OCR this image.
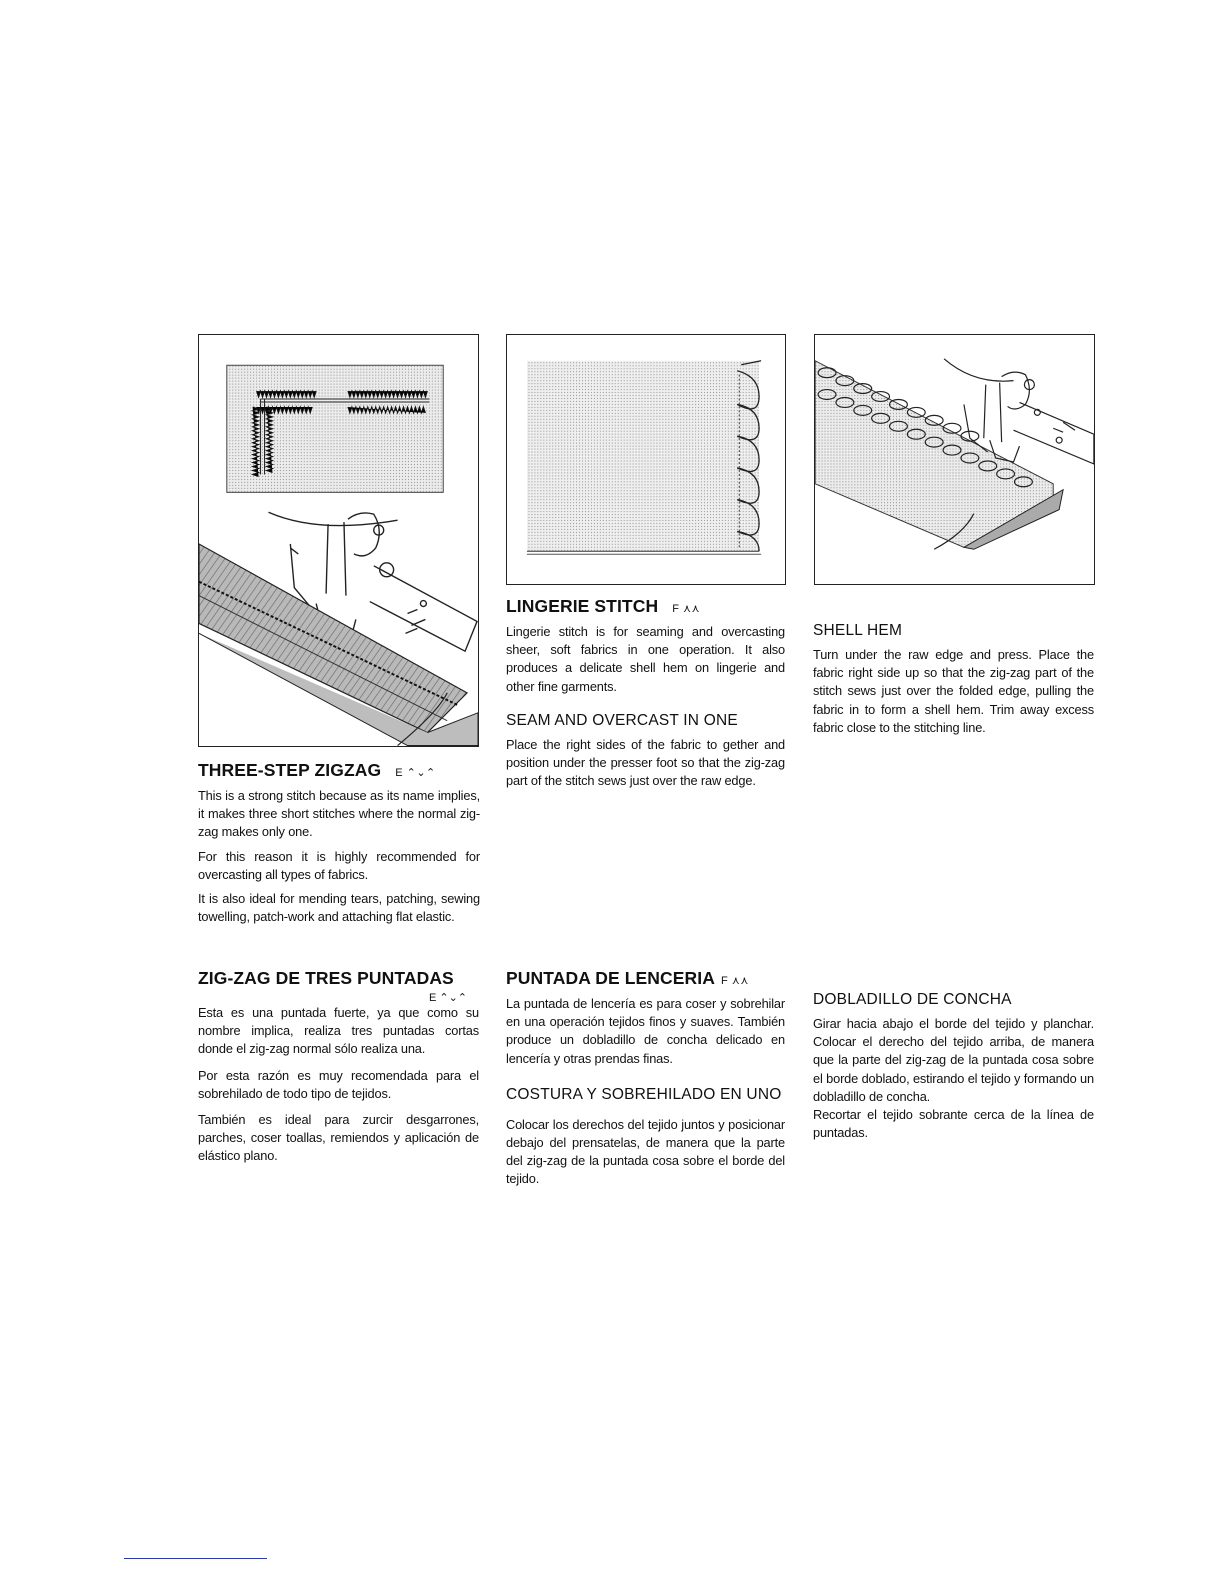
THREE-STEP ZIGZAG E ⌃⌄⌃

This is a strong stitch because as its name implies, it makes three short stitches where the normal zig-zag makes only one.

For this reason it is highly recommended for overcasting all types of fabrics.

It is also ideal for mending tears, patching, sewing towelling, patch-work and attaching flat elastic.

LINGERIE STITCH F ⋏⋏

Lingerie stitch is for seaming and overcasting sheer, soft fabrics in one operation. It also produces a delicate shell hem on lingerie and other fine garments.

SEAM AND OVERCAST IN ONE

Place the right sides of the fabric to gether and position under the presser foot so that the zig-zag part of the stitch sews just over the raw edge.

SHELL HEM

Turn under the raw edge and press. Place the fabric right side up so that the zig-zag part of the stitch sews just over the folded edge, pulling the fabric in to form a shell hem. Trim away excess fabric close to the stitching line.

ZIG-ZAG DE TRES PUNTADAS
E ⌃⌄⌃

Esta es una puntada fuerte, ya que como su nombre implica, realiza tres puntadas cortas donde el zig-zag normal sólo realiza una.

Por esta razón es muy recomendada para el sobrehilado de todo tipo de tejidos.

También es ideal para zurcir desgarrones, parches, coser toallas, remiendos y aplicación de elástico plano.

PUNTADA DE LENCERIA F ⋏⋏

La puntada de lencería es para coser y sobrehilar en una operación tejidos finos y suaves. También produce un dobladillo de concha delicado en lencería y otras prendas finas.

COSTURA Y SOBREHILADO EN UNO

Colocar los derechos del tejido juntos y posicionar debajo del prensatelas, de manera que la parte del zig-zag de la puntada cosa sobre el borde del tejido.

DOBLADILLO DE CONCHA

Girar hacia abajo el borde del tejido y planchar. Colocar el derecho del tejido arriba, de manera que la parte del zig-zag de la puntada cosa sobre el borde doblado, estirando el tejido y formando un dobladillo de concha.

Recortar el tejido sobrante cerca de la línea de puntadas.
